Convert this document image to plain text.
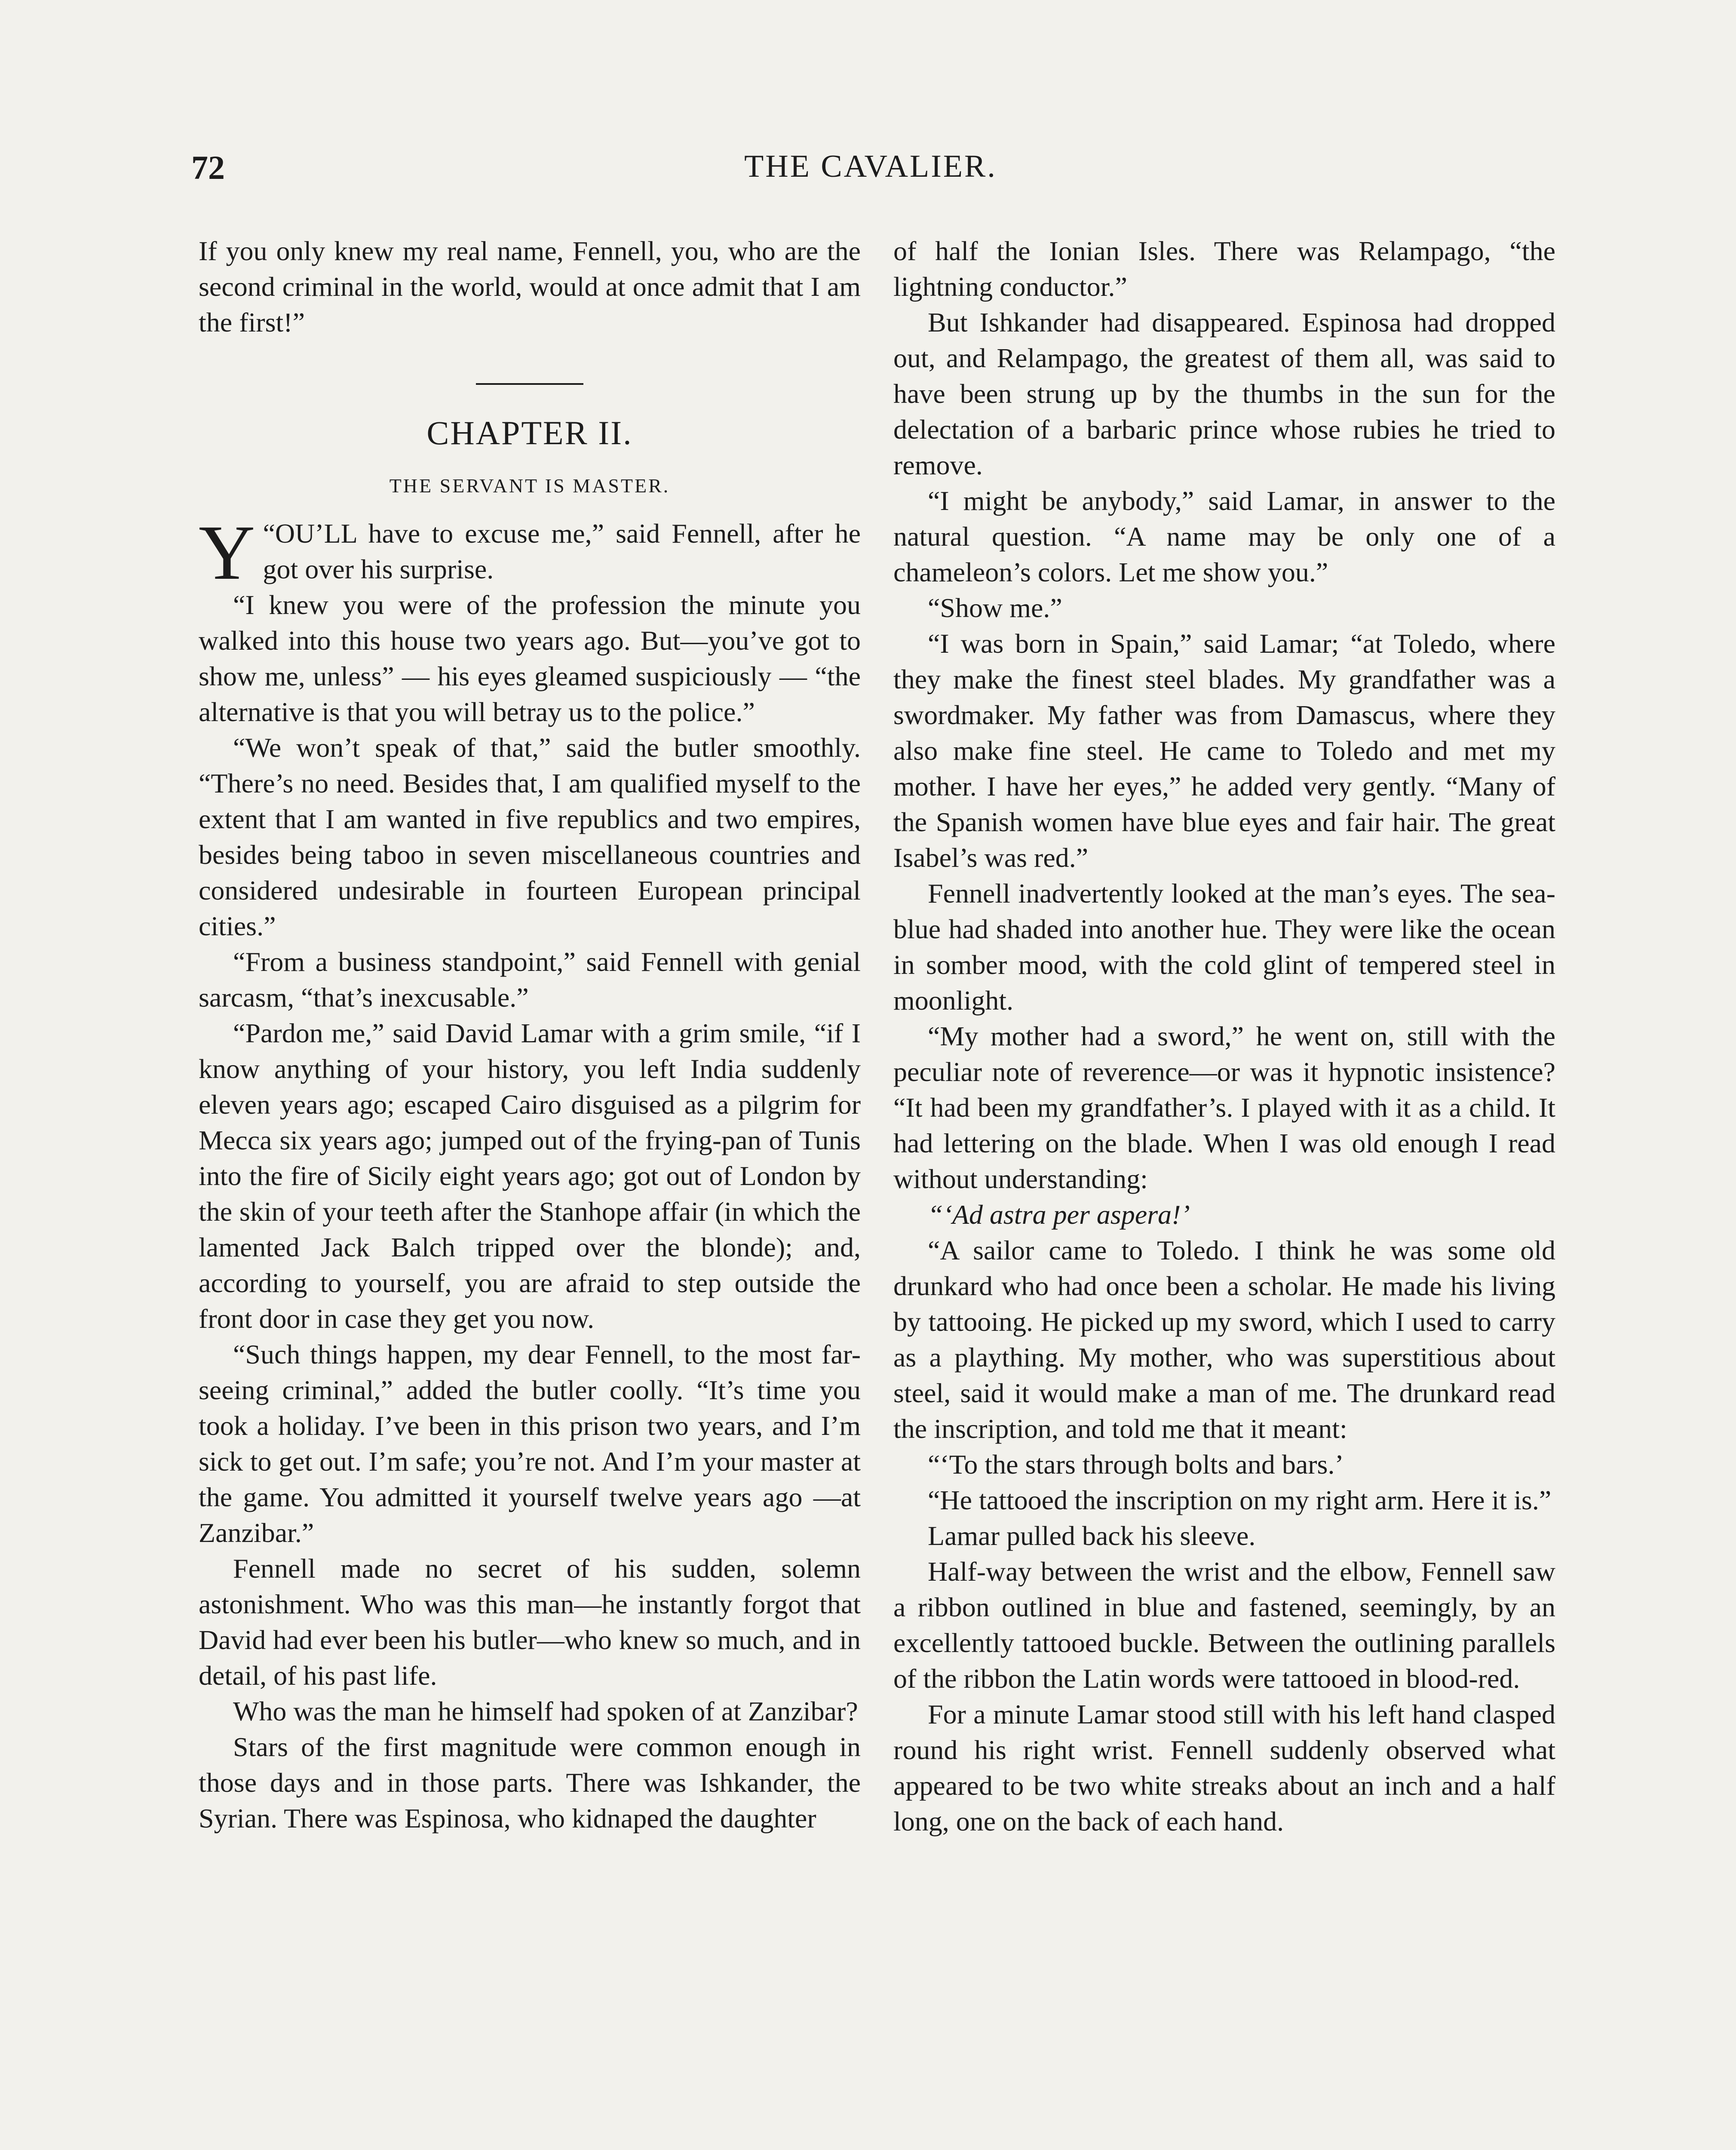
THE CAVALIER.
72

If you only knew my real name, Fennell, you, who are the second criminal in the world, would at once admit that I am the first!”

CHAPTER II.
THE SERVANT IS MASTER.

“
Y OU’LL have to excuse me,” said Fennell, after he got over his surprise.

“I knew you were of the profession the minute you walked into this house two years ago. But—you’ve got to show me, unless” — his eyes gleamed suspiciously — “the alternative is that you will betray us to the police.”

“We won’t speak of that,” said the butler smoothly. “There’s no need. Besides that, I am qualified myself to the extent that I am wanted in five republics and two empires, besides being taboo in seven miscellaneous countries and considered undesirable in fourteen European principal cities.”

“From a business standpoint,” said Fennell with genial sarcasm, “that’s inexcusable.”

“Pardon me,” said David Lamar with a grim smile, “if I know anything of your history, you left India suddenly eleven years ago; escaped Cairo disguised as a pilgrim for Mecca six years ago; jumped out of the frying-pan of Tunis into the fire of Sicily eight years ago; got out of London by the skin of your teeth after the Stanhope affair (in which the lamented Jack Balch tripped over the blonde); and, according to yourself, you are afraid to step outside the front door in case they get you now.

“Such things happen, my dear Fennell, to the most far-seeing criminal,” added the butler coolly. “It’s time you took a holiday. I’ve been in this prison two years, and I’m sick to get out. I’m safe; you’re not. And I’m your master at the game. You admitted it yourself twelve years ago —at Zanzibar.”

Fennell made no secret of his sudden, solemn astonishment. Who was this man—he instantly forgot that David had ever been his butler—who knew so much, and in detail, of his past life.

Who was the man he himself had spoken of at Zanzibar?

Stars of the first magnitude were common enough in those days and in those parts. There was Ishkander, the Syrian. There was Espinosa, who kidnaped the daughter

of half the Ionian Isles. There was Relampago, “the lightning conductor.”

But Ishkander had disappeared. Espinosa had dropped out, and Relampago, the greatest of them all, was said to have been strung up by the thumbs in the sun for the delectation of a barbaric prince whose rubies he tried to remove.

“I might be anybody,” said Lamar, in answer to the natural question. “A name may be only one of a chameleon’s colors. Let me show you.”

“Show me.”

“I was born in Spain,” said Lamar; “at Toledo, where they make the finest steel blades. My grandfather was a swordmaker. My father was from Damascus, where they also make fine steel. He came to Toledo and met my mother. I have her eyes,” he added very gently. “Many of the Spanish women have blue eyes and fair hair. The great Isabel’s was red.”

Fennell inadvertently looked at the man’s eyes. The sea-blue had shaded into another hue. They were like the ocean in somber mood, with the cold glint of tempered steel in moonlight.

“My mother had a sword,” he went on, still with the peculiar note of reverence—or was it hypnotic insistence? “It had been my grandfather’s. I played with it as a child. It had lettering on the blade. When I was old enough I read without understanding:

“‘Ad astra per aspera!’

“A sailor came to Toledo. I think he was some old drunkard who had once been a scholar. He made his living by tattooing. He picked up my sword, which I used to carry as a plaything. My mother, who was superstitious about steel, said it would make a man of me. The drunkard read the inscription, and told me that it meant:

“‘To the stars through bolts and bars.’

“He tattooed the inscription on my right arm. Here it is.”

Lamar pulled back his sleeve.

Half-way between the wrist and the elbow, Fennell saw a ribbon outlined in blue and fastened, seemingly, by an excellently tattooed buckle. Between the outlining parallels of the ribbon the Latin words were tattooed in blood-red.

For a minute Lamar stood still with his left hand clasped round his right wrist. Fennell suddenly observed what appeared to be two white streaks about an inch and a half long, one on the back of each hand.
